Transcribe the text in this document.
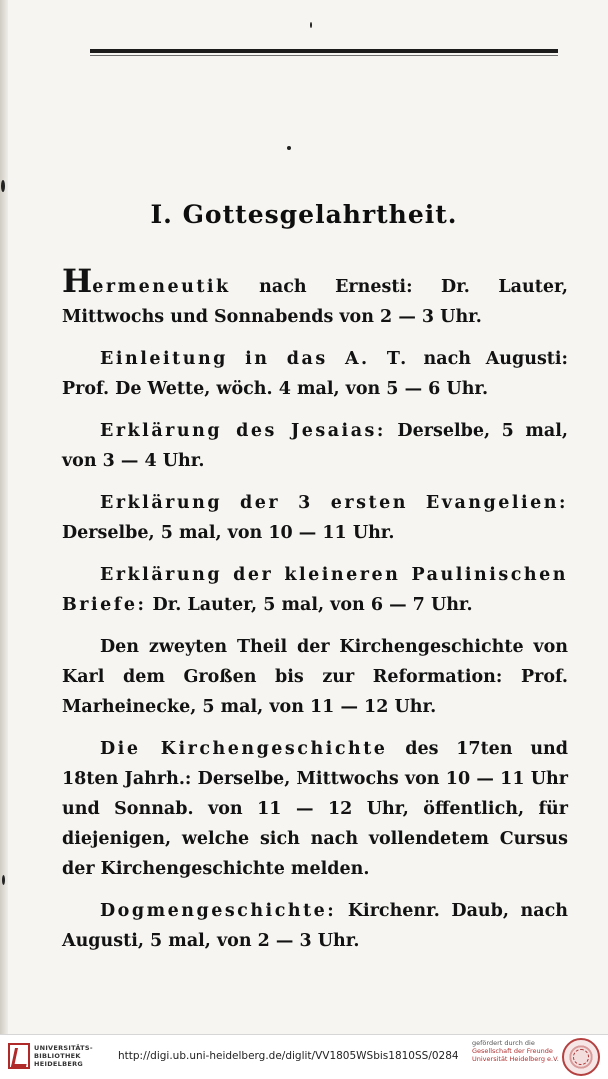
I. Gottesgelahrtheit.

Hermeneutik nach Ernesti: Dr. Lauter, Mittwochs und Sonnabends von 2 — 3 Uhr.

Einleitung in das A. T. nach Augusti: Prof. De Wette, wöch. 4 mal, von 5 — 6 Uhr.

Erklärung des Jesaias: Derselbe, 5 mal, von 3 — 4 Uhr.

Erklärung der 3 ersten Evangelien: Derselbe, 5 mal, von 10 — 11 Uhr.

Erklärung der kleineren Paulinischen Briefe: Dr. Lauter, 5 mal, von 6 — 7 Uhr.

Den zweyten Theil der Kirchengeschichte von Karl dem Großen bis zur Reformation: Prof. Marheinecke, 5 mal, von 11 — 12 Uhr.

Die Kirchengeschichte des 17ten und 18ten Jahrh.: Derselbe, Mittwochs von 10 — 11 Uhr und Sonnab. von 11 — 12 Uhr, öffentlich, für diejenigen, welche sich nach vollendetem Cursus der Kirchengeschichte melden.

Dogmengeschichte: Kirchenr. Daub, nach Augusti, 5 mal, von 2 — 3 Uhr.

UNIVERSITÄTS-
BIBLIOTHEK
HEIDELBERG
http://digi.ub.uni-heidelberg.de/diglit/VV1805WSbis1810SS/0284
gefördert durch die
Gesellschaft der Freunde
Universität Heidelberg e.V.
